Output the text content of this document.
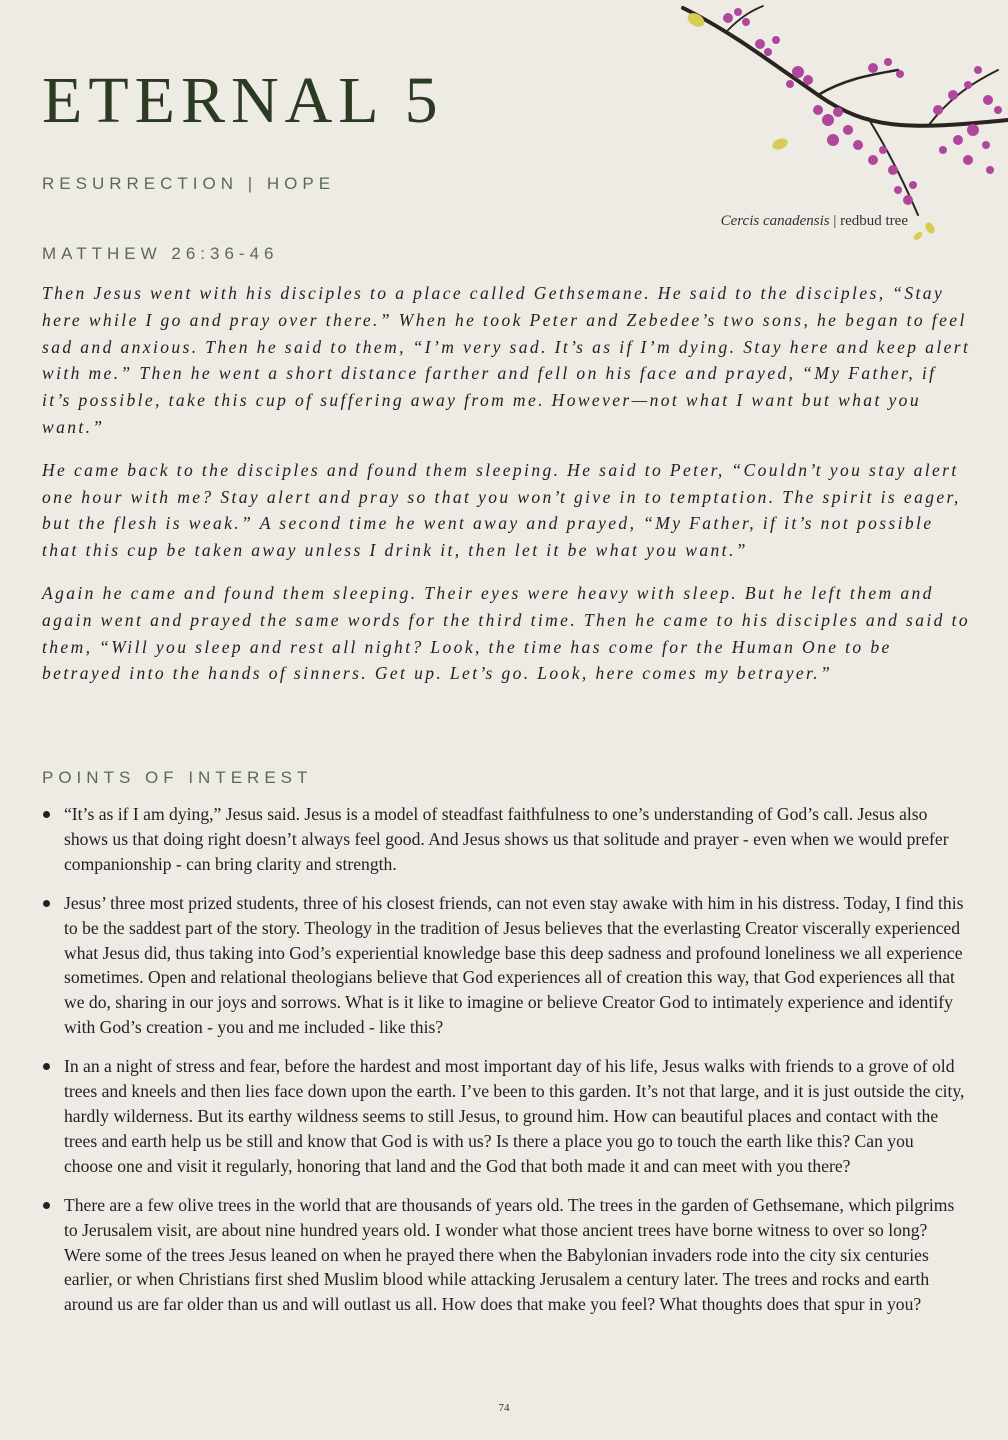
ETERNAL 5

RESURRECTION | HOPE

Cercis canadensis | redbud tree

MATTHEW 26:36-46

Then Jesus went with his disciples to a place called Gethsemane. He said to the disciples, “Stay here while I go and pray over there.” When he took Peter and Zebedee’s two sons, he began to feel sad and anxious. Then he said to them, “I’m very sad. It’s as if I’m dying. Stay here and keep alert with me.” Then he went a short distance farther and fell on his face and prayed, “My Father, if it’s possible, take this cup of suffering away from me. However—not what I want but what you want.”

He came back to the disciples and found them sleeping. He said to Peter, “Couldn’t you stay alert one hour with me? Stay alert and pray so that you won’t give in to temptation. The spirit is eager, but the flesh is weak.” A second time he went away and prayed, “My Father, if it’s not possible that this cup be taken away unless I drink it, then let it be what you want.”

Again he came and found them sleeping. Their eyes were heavy with sleep. But he left them and again went and prayed the same words for the third time. Then he came to his disciples and said to them, “Will you sleep and rest all night? Look, the time has come for the Human One to be betrayed into the hands of sinners. Get up. Let’s go. Look, here comes my betrayer.”

POINTS OF INTEREST

“It’s as if I am dying,” Jesus said. Jesus is a model of steadfast faithfulness to one’s understanding of God’s call. Jesus also shows us that doing right doesn’t always feel good. And Jesus shows us that solitude and prayer - even when we would prefer companionship - can bring clarity and strength.
Jesus’ three most prized students, three of his closest friends, can not even stay awake with him in his distress. Today, I find this to be the saddest part of the story. Theology in the tradition of Jesus believes that the everlasting Creator viscerally experienced what Jesus did, thus taking into God’s experiential knowledge base this deep sadness and profound loneliness we all experience sometimes. Open and relational theologians believe that God experiences all of creation this way, that God experiences all that we do, sharing in our joys and sorrows. What is it like to imagine or believe Creator God to intimately experience and identify with God’s creation - you and me included - like this?
In an a night of stress and fear, before the hardest and most important day of his life, Jesus walks with friends to a grove of old trees and kneels and then lies face down upon the earth. I’ve been to this garden. It’s not that large, and it is just outside the city, hardly wilderness. But its earthy wildness seems to still Jesus, to ground him. How can beautiful places and contact with the trees and earth help us be still and know that God is with us? Is there a place you go to touch the earth like this? Can you choose one and visit it regularly, honoring that land and the God that both made it and can meet with you there?
There are a few olive trees in the world that are thousands of years old. The trees in the garden of Gethsemane, which pilgrims to Jerusalem visit, are about nine hundred years old. I wonder what those ancient trees have borne witness to over so long? Were some of the trees Jesus leaned on when he prayed there when the Babylonian invaders rode into the city six centuries earlier, or when Christians first shed Muslim blood while attacking Jerusalem a century later. The trees and rocks and earth around us are far older than us and will outlast us all. How does that make you feel? What thoughts does that spur in you?
74
